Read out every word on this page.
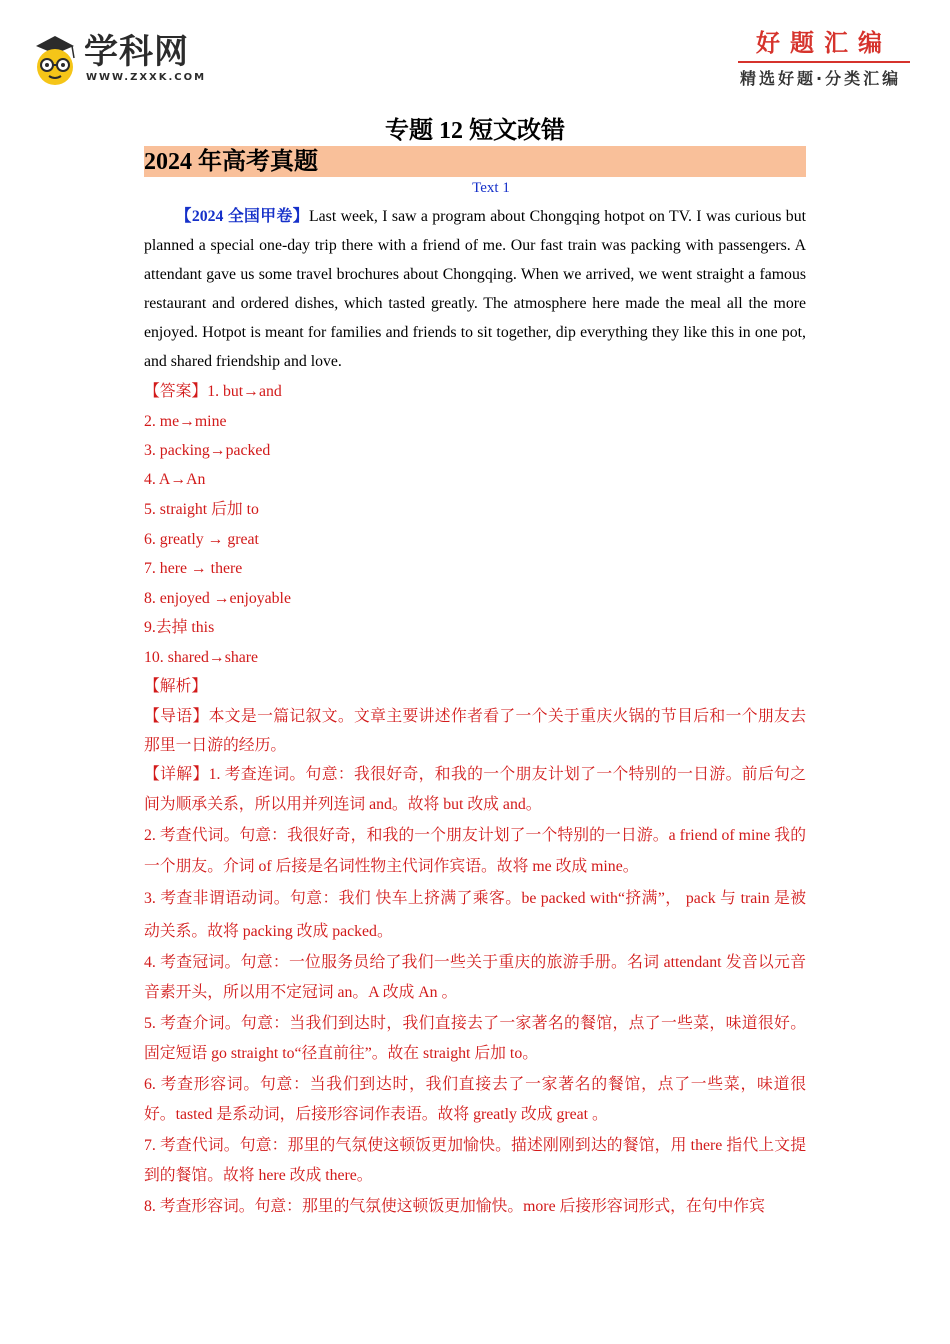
学科网
WWW.ZXXK.COM
好题汇编
精选好题·分类汇编
专题 12 短文改错
2024 年高考真题
Text 1
【2024 全国甲卷】Last week, I saw a program about Chongqing hotpot on TV. I was curious but planned a special one-day trip there with a friend of me. Our fast train was packing with passengers. A attendant gave us some travel brochures about Chongqing. When we arrived, we went straight a famous restaurant and ordered dishes, which tasted greatly. The atmosphere here made the meal all the more enjoyed. Hotpot is meant for families and friends to sit together, dip everything they like this in one pot, and shared friendship and love.
【答案】1. but→and
2. me→mine
3. packing→packed
4. A→An
5. straight 后加 to
6. greatly → great
7. here → there
8. enjoyed →enjoyable
9.去掉 this
10. shared→share
【解析】
【导语】本文是一篇记叙文。文章主要讲述作者看了一个关于重庆火锅的节目后和一个朋友去那里一日游的经历。
【详解】1. 考查连词。句意：我很好奇，和我的一个朋友计划了一个特别的一日游。前后句之间为顺承关系，所以用并列连词 and。故将 but 改成 and。
2. 考查代词。句意：我很好奇，和我的一个朋友计划了一个特别的一日游。a friend of mine 我的一个朋友。介词 of 后接是名词性物主代词作宾语。故将 me 改成 mine。
3. 考查非谓语动词。句意：我们 快车上挤满了乘客。be packed with“挤满”， pack 与 train 是被动关系。故将 packing 改成 packed。
4. 考查冠词。句意：一位服务员给了我们一些关于重庆的旅游手册。名词 attendant 发音以元音音素开头，所以用不定冠词 an。A 改成 An 。
5. 考查介词。句意：当我们到达时，我们直接去了一家著名的餐馆，点了一些菜，味道很好。固定短语 go straight to“径直前往”。故在 straight 后加 to。
6. 考查形容词。句意：当我们到达时，我们直接去了一家著名的餐馆，点了一些菜，味道很好。tasted 是系动词，后接形容词作表语。故将 greatly 改成 great 。
7. 考查代词。句意：那里的气氛使这顿饭更加愉快。描述刚刚到达的餐馆，用 there 指代上文提到的餐馆。故将 here 改成 there。
8. 考查形容词。句意：那里的气氛使这顿饭更加愉快。more 后接形容词形式，在句中作宾
